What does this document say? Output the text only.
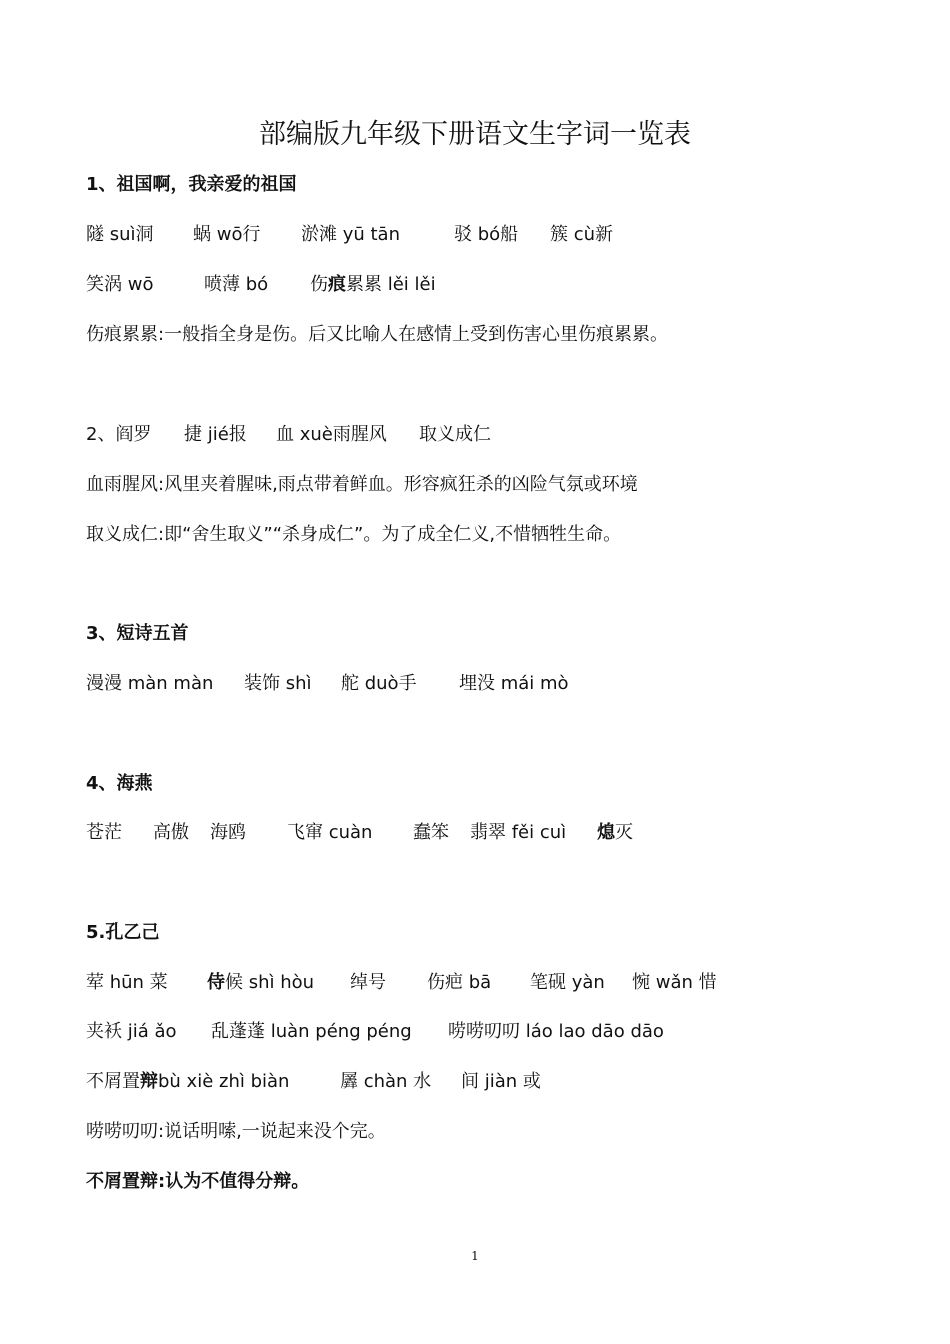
部编版九年级下册语文生字词一览表
1、祖国啊，我亲爱的祖国
隧 suì洞 蜗 wō行 淤滩 yū tān	驳 bó船 簇 cù新
笑涡 wō	喷薄 bó 伤痕累累 lěi lěi
伤痕累累:一般指全身是伤。后又比喻人在感情上受到伤害心里伤痕累累。
2、阎罗 捷 jié报 血 xuè雨腥风 取义成仁
血雨腥风:风里夹着腥味,雨点带着鲜血。形容疯狂杀的凶险气氛或环境
取义成仁:即“舍生取义”“杀身成仁”。为了成全仁义,不惜牺牲生命。
3、短诗五首
漫漫 màn màn 装饰 shì 舵 duò手 埋没 mái mò
4、海燕
苍茫 高傲 海鸥 飞窜 cuàn 蠢笨 翡翠 fěi cuì 熄灭
5.孔乙己
荤 hūn 菜 侍候 shì hòu 绰号 伤疤 bā 笔砚 yàn 惋 wǎn 惜
夹袄 jiá ǎo 乱蓬蓬 luàn péng péng 唠唠叨叨 láo lao dāo dāo
不屑置辩bù xiè zhì biàn	羼 chàn 水 间 jiàn 或
唠唠叨叨:说话明嗦,一说起来没个完。
不屑置辩:认为不值得分辩。
1
